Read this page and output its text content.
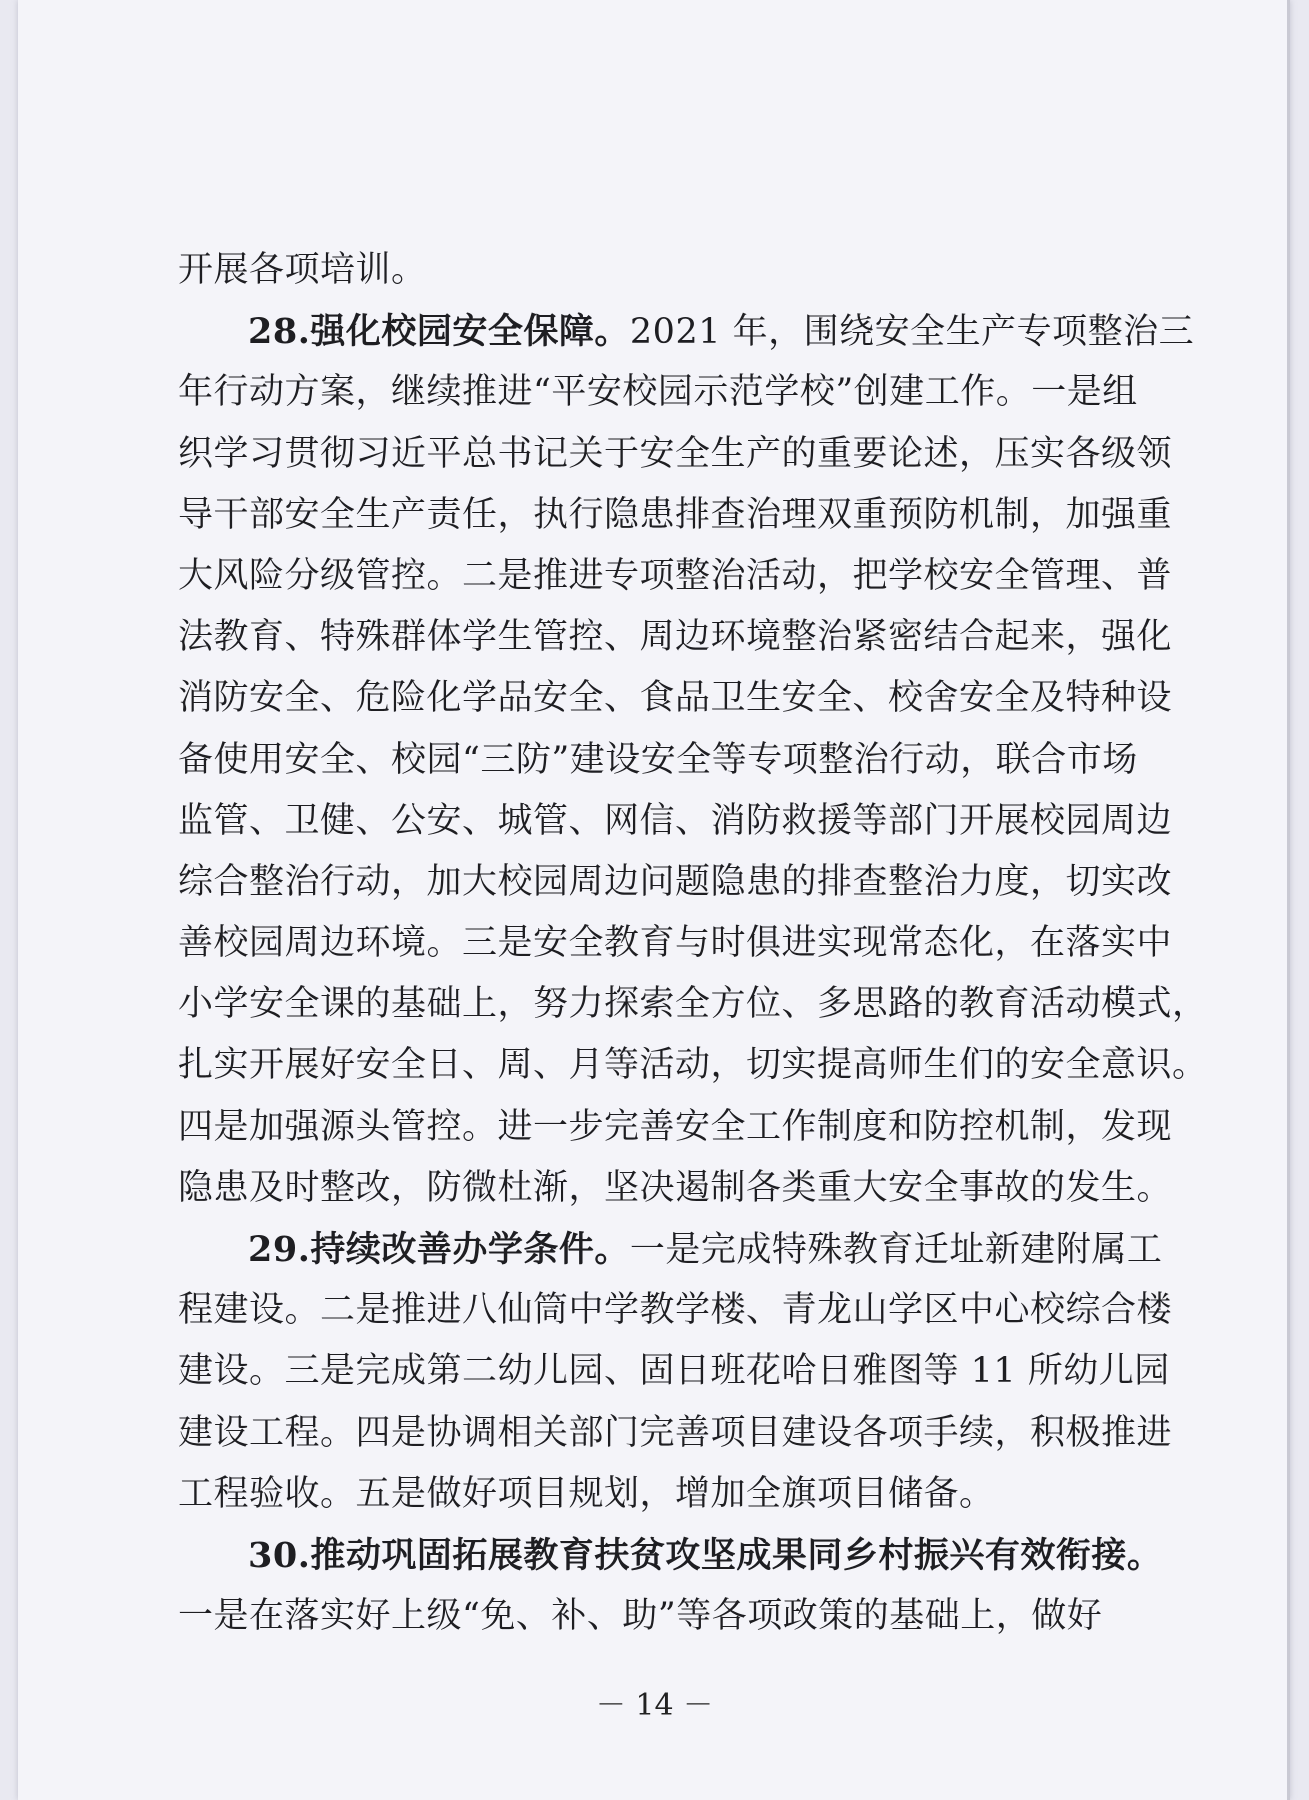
开展各项培训。
28.强化校园安全保障。2021 年，围绕安全生产专项整治三
年行动方案，继续推进“平安校园示范学校”创建工作。一是组
织学习贯彻习近平总书记关于安全生产的重要论述，压实各级领
导干部安全生产责任，执行隐患排查治理双重预防机制，加强重
大风险分级管控。二是推进专项整治活动，把学校安全管理、普
法教育、特殊群体学生管控、周边环境整治紧密结合起来，强化
消防安全、危险化学品安全、食品卫生安全、校舍安全及特种设
备使用安全、校园“三防”建设安全等专项整治行动，联合市场
监管、卫健、公安、城管、网信、消防救援等部门开展校园周边
综合整治行动，加大校园周边问题隐患的排查整治力度，切实改
善校园周边环境。三是安全教育与时俱进实现常态化，在落实中
小学安全课的基础上，努力探索全方位、多思路的教育活动模式，
扎实开展好安全日、周、月等活动，切实提高师生们的安全意识。
四是加强源头管控。进一步完善安全工作制度和防控机制，发现
隐患及时整改，防微杜渐，坚决遏制各类重大安全事故的发生。
29.持续改善办学条件。一是完成特殊教育迁址新建附属工
程建设。二是推进八仙筒中学教学楼、青龙山学区中心校综合楼
建设。三是完成第二幼儿园、固日班花哈日雅图等 11 所幼儿园
建设工程。四是协调相关部门完善项目建设各项手续，积极推进
工程验收。五是做好项目规划，增加全旗项目储备。
30.推动巩固拓展教育扶贫攻坚成果同乡村振兴有效衔接。
一是在落实好上级“免、补、助”等各项政策的基础上，做好
－ 14 －
